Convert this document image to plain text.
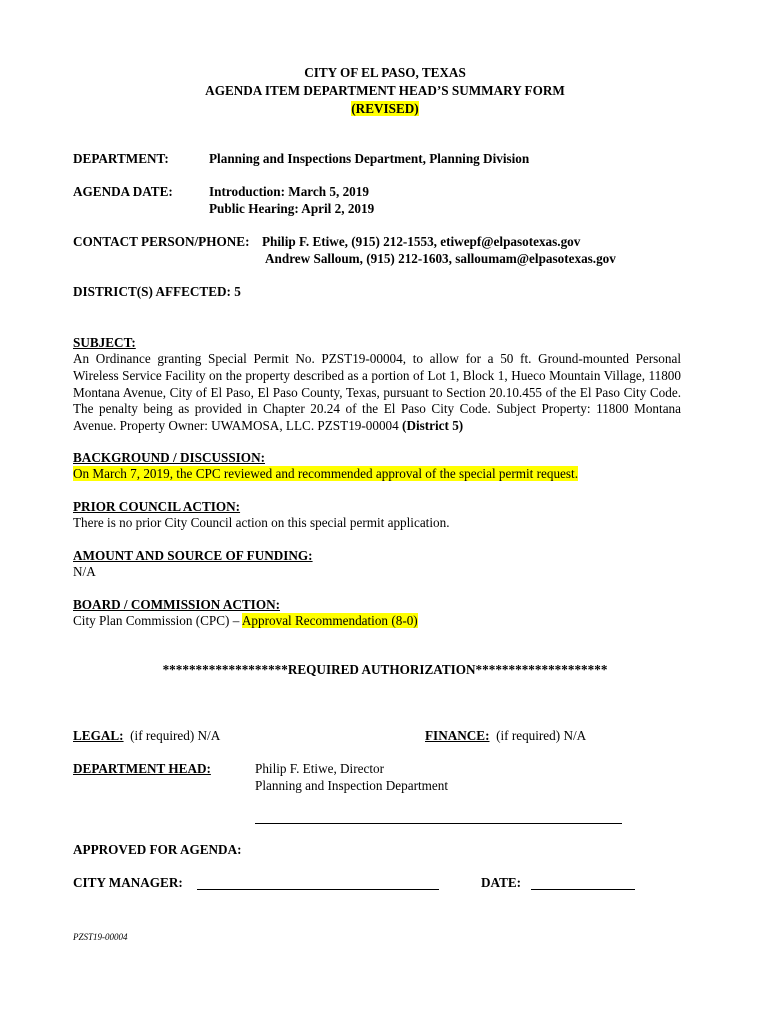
CITY OF EL PASO, TEXAS
AGENDA ITEM DEPARTMENT HEAD’S SUMMARY FORM
(REVISED)
DEPARTMENT:	Planning and Inspections Department, Planning Division
AGENDA DATE:	Introduction: March 5, 2019
Public Hearing: April 2, 2019
CONTACT PERSON/PHONE: Philip F. Etiwe, (915) 212-1553, etiwepf@elpasotexas.gov
Andrew Salloum, (915) 212-1603, salloumam@elpasotexas.gov
DISTRICT(S) AFFECTED: 5
SUBJECT:
An Ordinance granting Special Permit No. PZST19-00004, to allow for a 50 ft. Ground-mounted Personal Wireless Service Facility on the property described as a portion of Lot 1, Block 1, Hueco Mountain Village, 11800 Montana Avenue, City of El Paso, El Paso County, Texas, pursuant to Section 20.10.455 of the El Paso City Code. The penalty being as provided in Chapter 20.24 of the El Paso City Code. Subject Property: 11800 Montana Avenue. Property Owner: UWAMOSA, LLC. PZST19-00004 (District 5)
BACKGROUND / DISCUSSION:
On March 7, 2019, the CPC reviewed and recommended approval of the special permit request.
PRIOR COUNCIL ACTION:
There is no prior City Council action on this special permit application.
AMOUNT AND SOURCE OF FUNDING:
N/A
BOARD / COMMISSION ACTION:
City Plan Commission (CPC) – Approval Recommendation (8-0)
*******************REQUIRED AUTHORIZATION********************
LEGAL: (if required) N/A	FINANCE: (if required) N/A
DEPARTMENT HEAD:	Philip F. Etiwe, Director
Planning and Inspection Department
APPROVED FOR AGENDA:
CITY MANAGER:	DATE:
PZST19-00004
